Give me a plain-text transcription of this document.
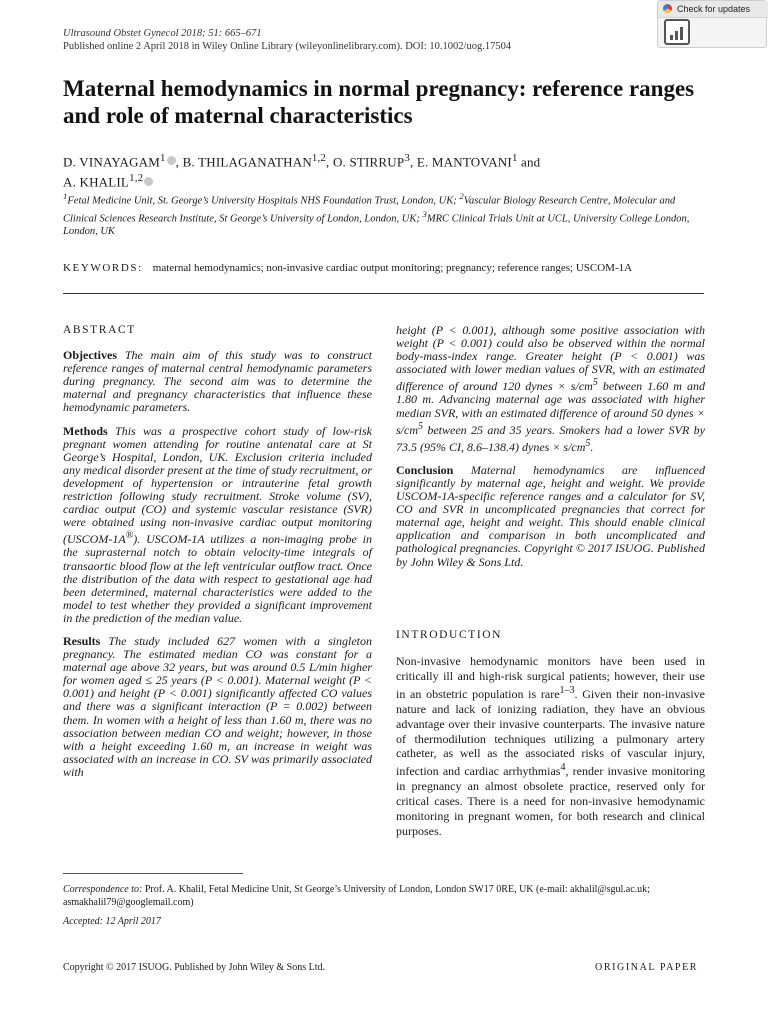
Ultrasound Obstet Gynecol 2018; 51: 665–671
Published online 2 April 2018 in Wiley Online Library (wileyonlinelibrary.com). DOI: 10.1002/uog.17504
Check for updates
Maternal hemodynamics in normal pregnancy: reference ranges and role of maternal characteristics
D. VINAYAGAM$^1$ , B. THILAGANATHAN$^{1,2}$, O. STIRRUP$^3$, E. MANTOVANI$^1$ and
A. KHALIL$^{1,2}$
$^1$Fetal Medicine Unit, St. George’s University Hospitals NHS Foundation Trust, London, UK; $^2$Vascular Biology Research Centre, Molecular and Clinical Sciences Research Institute, St George’s University of London, London, UK; $^3$MRC Clinical Trials Unit at UCL, University College London, London, UK
KEYWORDS: maternal hemodynamics; non-invasive cardiac output monitoring; pregnancy; reference ranges; USCOM-1A
ABSTRACT

Objectives The main aim of this study was to construct reference ranges of maternal central hemodynamic parameters during pregnancy. The second aim was to determine the maternal and pregnancy characteristics that influence these hemodynamic parameters.

Methods This was a prospective cohort study of low-risk pregnant women attending for routine antenatal care at St George’s Hospital, London, UK. Exclusion criteria included any medical disorder present at the time of study recruitment, or development of hypertension or intrauterine fetal growth restriction following study recruitment. Stroke volume (SV), cardiac output (CO) and systemic vascular resistance (SVR) were obtained using non-invasive cardiac output monitoring (USCOM-1A®). USCOM-1A utilizes a non-imaging probe in the suprasternal notch to obtain velocity-time integrals of transaortic blood flow at the left ventricular outflow tract. Once the distribution of the data with respect to gestational age had been determined, maternal characteristics were added to the model to test whether they provided a significant improvement in the prediction of the median value.

Results The study included 627 women with a singleton pregnancy. The estimated median CO was constant for a maternal age above 32 years, but was around 0.5 L/min higher for women aged ≤ 25 years (P < 0.001). Maternal weight (P < 0.001) and height (P < 0.001) significantly affected CO values and there was a significant interaction (P = 0.002) between them. In women with a height of less than 1.60 m, there was no association between median CO and weight; however, in those with a height exceeding 1.60 m, an increase in weight was associated with an increase in CO. SV was primarily associated with

height (P < 0.001), although some positive association with weight (P < 0.001) could also be observed within the normal body-mass-index range. Greater height (P < 0.001) was associated with lower median values of SVR, with an estimated difference of around 120 dynes × $s/cm^5$ between 1.60 m and 1.80 m. Advancing maternal age was associated with higher median SVR, with an estimated difference of around 50 dynes × $s/cm^5$ between 25 and 35 years. Smokers had a lower SVR by 73.5 (95% CI, 8.6–138.4) dynes × $s/cm^5$.

Conclusion Maternal hemodynamics are influenced significantly by maternal age, height and weight. We provide USCOM-1A-specific reference ranges and a calculator for SV, CO and SVR in uncomplicated pregnancies that correct for maternal age, height and weight. This should enable clinical application and comparison in both uncomplicated and pathological pregnancies. Copyright © 2017 ISUOG. Published by John Wiley & Sons Ltd.

INTRODUCTION
Non-invasive hemodynamic monitors have been used in critically ill and high-risk surgical patients; however, their use in an obstetric population is rare$^{1-3}$. Given their non-invasive nature and lack of ionizing radiation, they have an obvious advantage over their invasive counterparts. The invasive nature of thermodilution techniques utilizing a pulmonary artery catheter, as well as the associated risks of vascular injury, infection and cardiac arrhythmias$^4$, render invasive monitoring in pregnancy an almost obsolete practice, reserved only for critical cases. There is a need for non-invasive hemodynamic monitoring in pregnant women, for both research and clinical purposes.
Correspondence to: Prof. A. Khalil, Fetal Medicine Unit, St George’s University of London, London SW17 0RE, UK (e-mail: akhalil@sgul.ac.uk; asmakhalil79@googlemail.com)
Accepted: 12 April 2017
Copyright © 2017 ISUOG. Published by John Wiley & Sons Ltd.	ORIGINAL PAPER
